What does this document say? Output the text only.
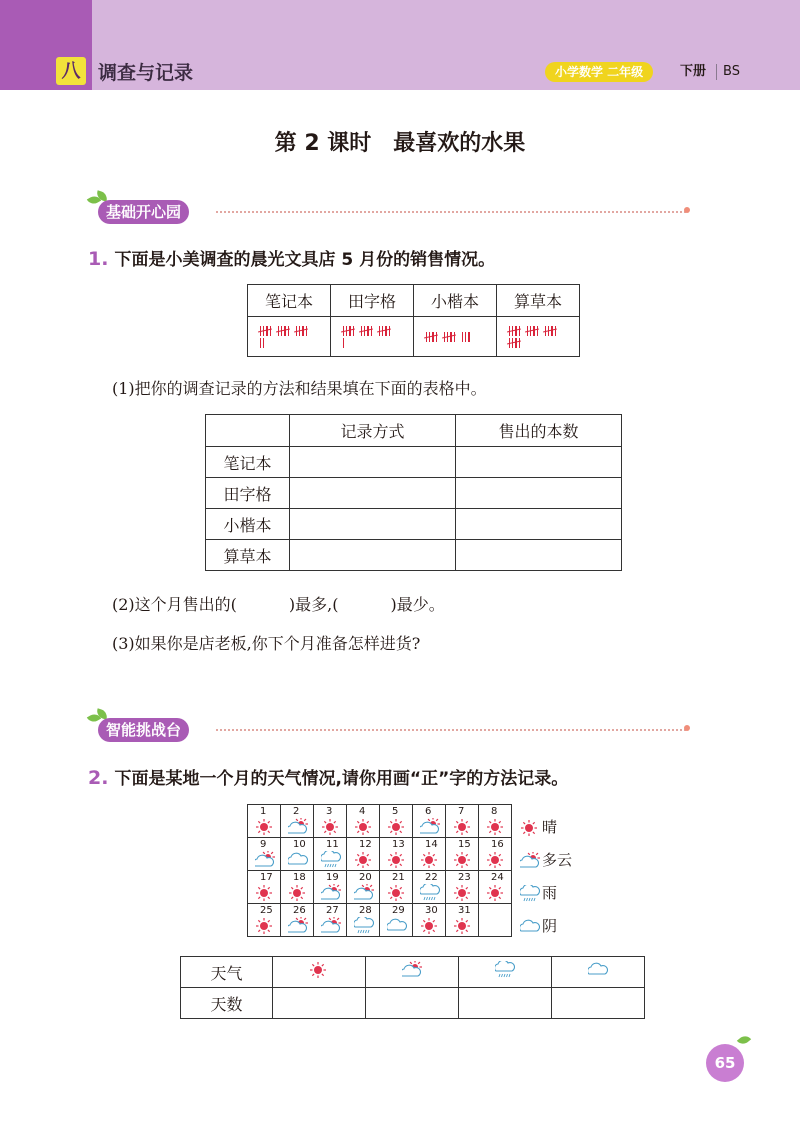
八 调查与记录	小学数学 二年级	下册 BS
第 2 课时　最喜欢的水果
基础开心园
1. 下面是小美调查的晨光文具店 5 月份的销售情况。
笔记本	田字格	小楷本	算草本

(1)把你的调查记录的方法和结果填在下面的表格中。
	记录方式	售出的本数
笔记本		
田字格		
小楷本		
算草本		
(2)这个月售出的(	)最多,(	)最少。
(3)如果你是店老板,你下个月准备怎样进货?
智能挑战台
2. 下面是某地一个月的天气情况,请你用画“正”字的方法记录。
1	2	3	4	5	6	7	8

9	10	11	12	13	14	15	16

17	18	19	20	21	22	23	24

25	26	27	28	29	30	31

晴
多云
雨
阴
天气				
天数				
65
